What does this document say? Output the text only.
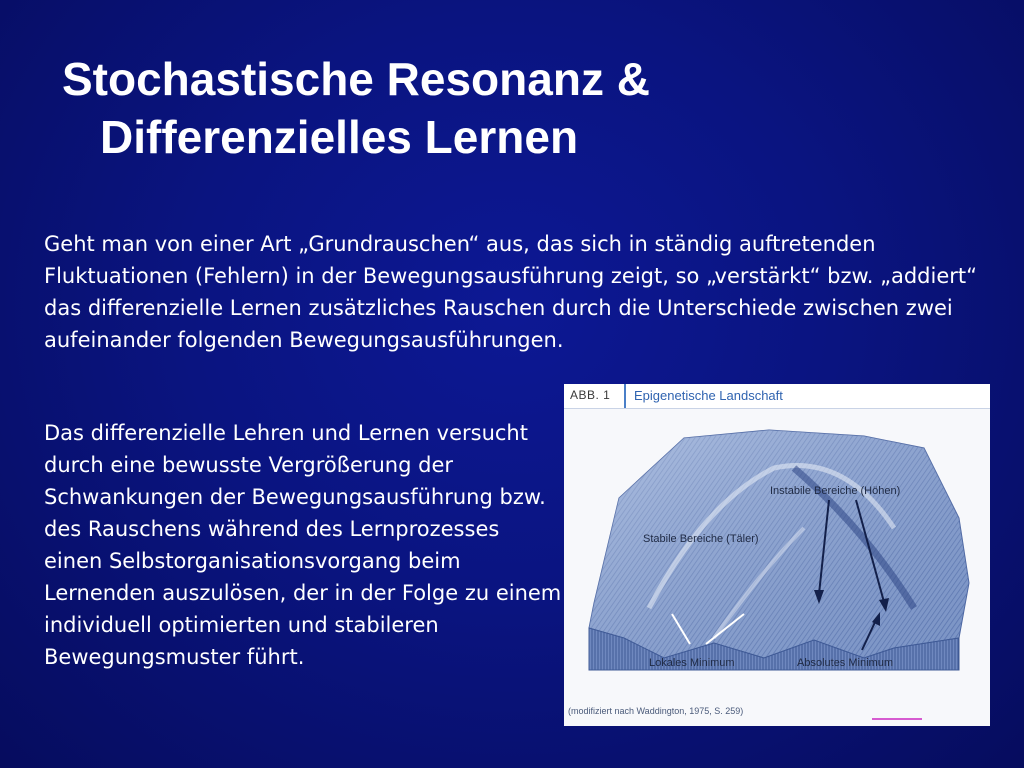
Stochastische Resonanz &
Differenzielles Lernen

Geht man von einer Art „Grundrauschen“ aus, das sich in ständig auftretenden Fluktuationen (Fehlern) in der Bewegungsausführung zeigt, so „verstärkt“ bzw. „addiert“ das differenzielle Lernen zusätzliches Rauschen durch die Unterschiede zwischen zwei aufeinander folgenden Bewegungsausführungen.

Das differenzielle Lehren und Lernen versucht durch eine bewusste Vergrößerung der Schwankungen der Bewegungsausführung bzw. des Rauschens während des Lernprozesses einen Selbstorganisationsvorgang beim Lernenden auszulösen, der in der Folge zu einem individuell optimierten und stabileren Bewegungsmuster führt.

ABB. 1 Epigenetische Landschaft
Instabile Bereiche (Höhen)
Stabile Bereiche (Täler)
Lokales Minimum	Absolutes Minimum
(modifiziert nach Waddington, 1975, S. 259)
